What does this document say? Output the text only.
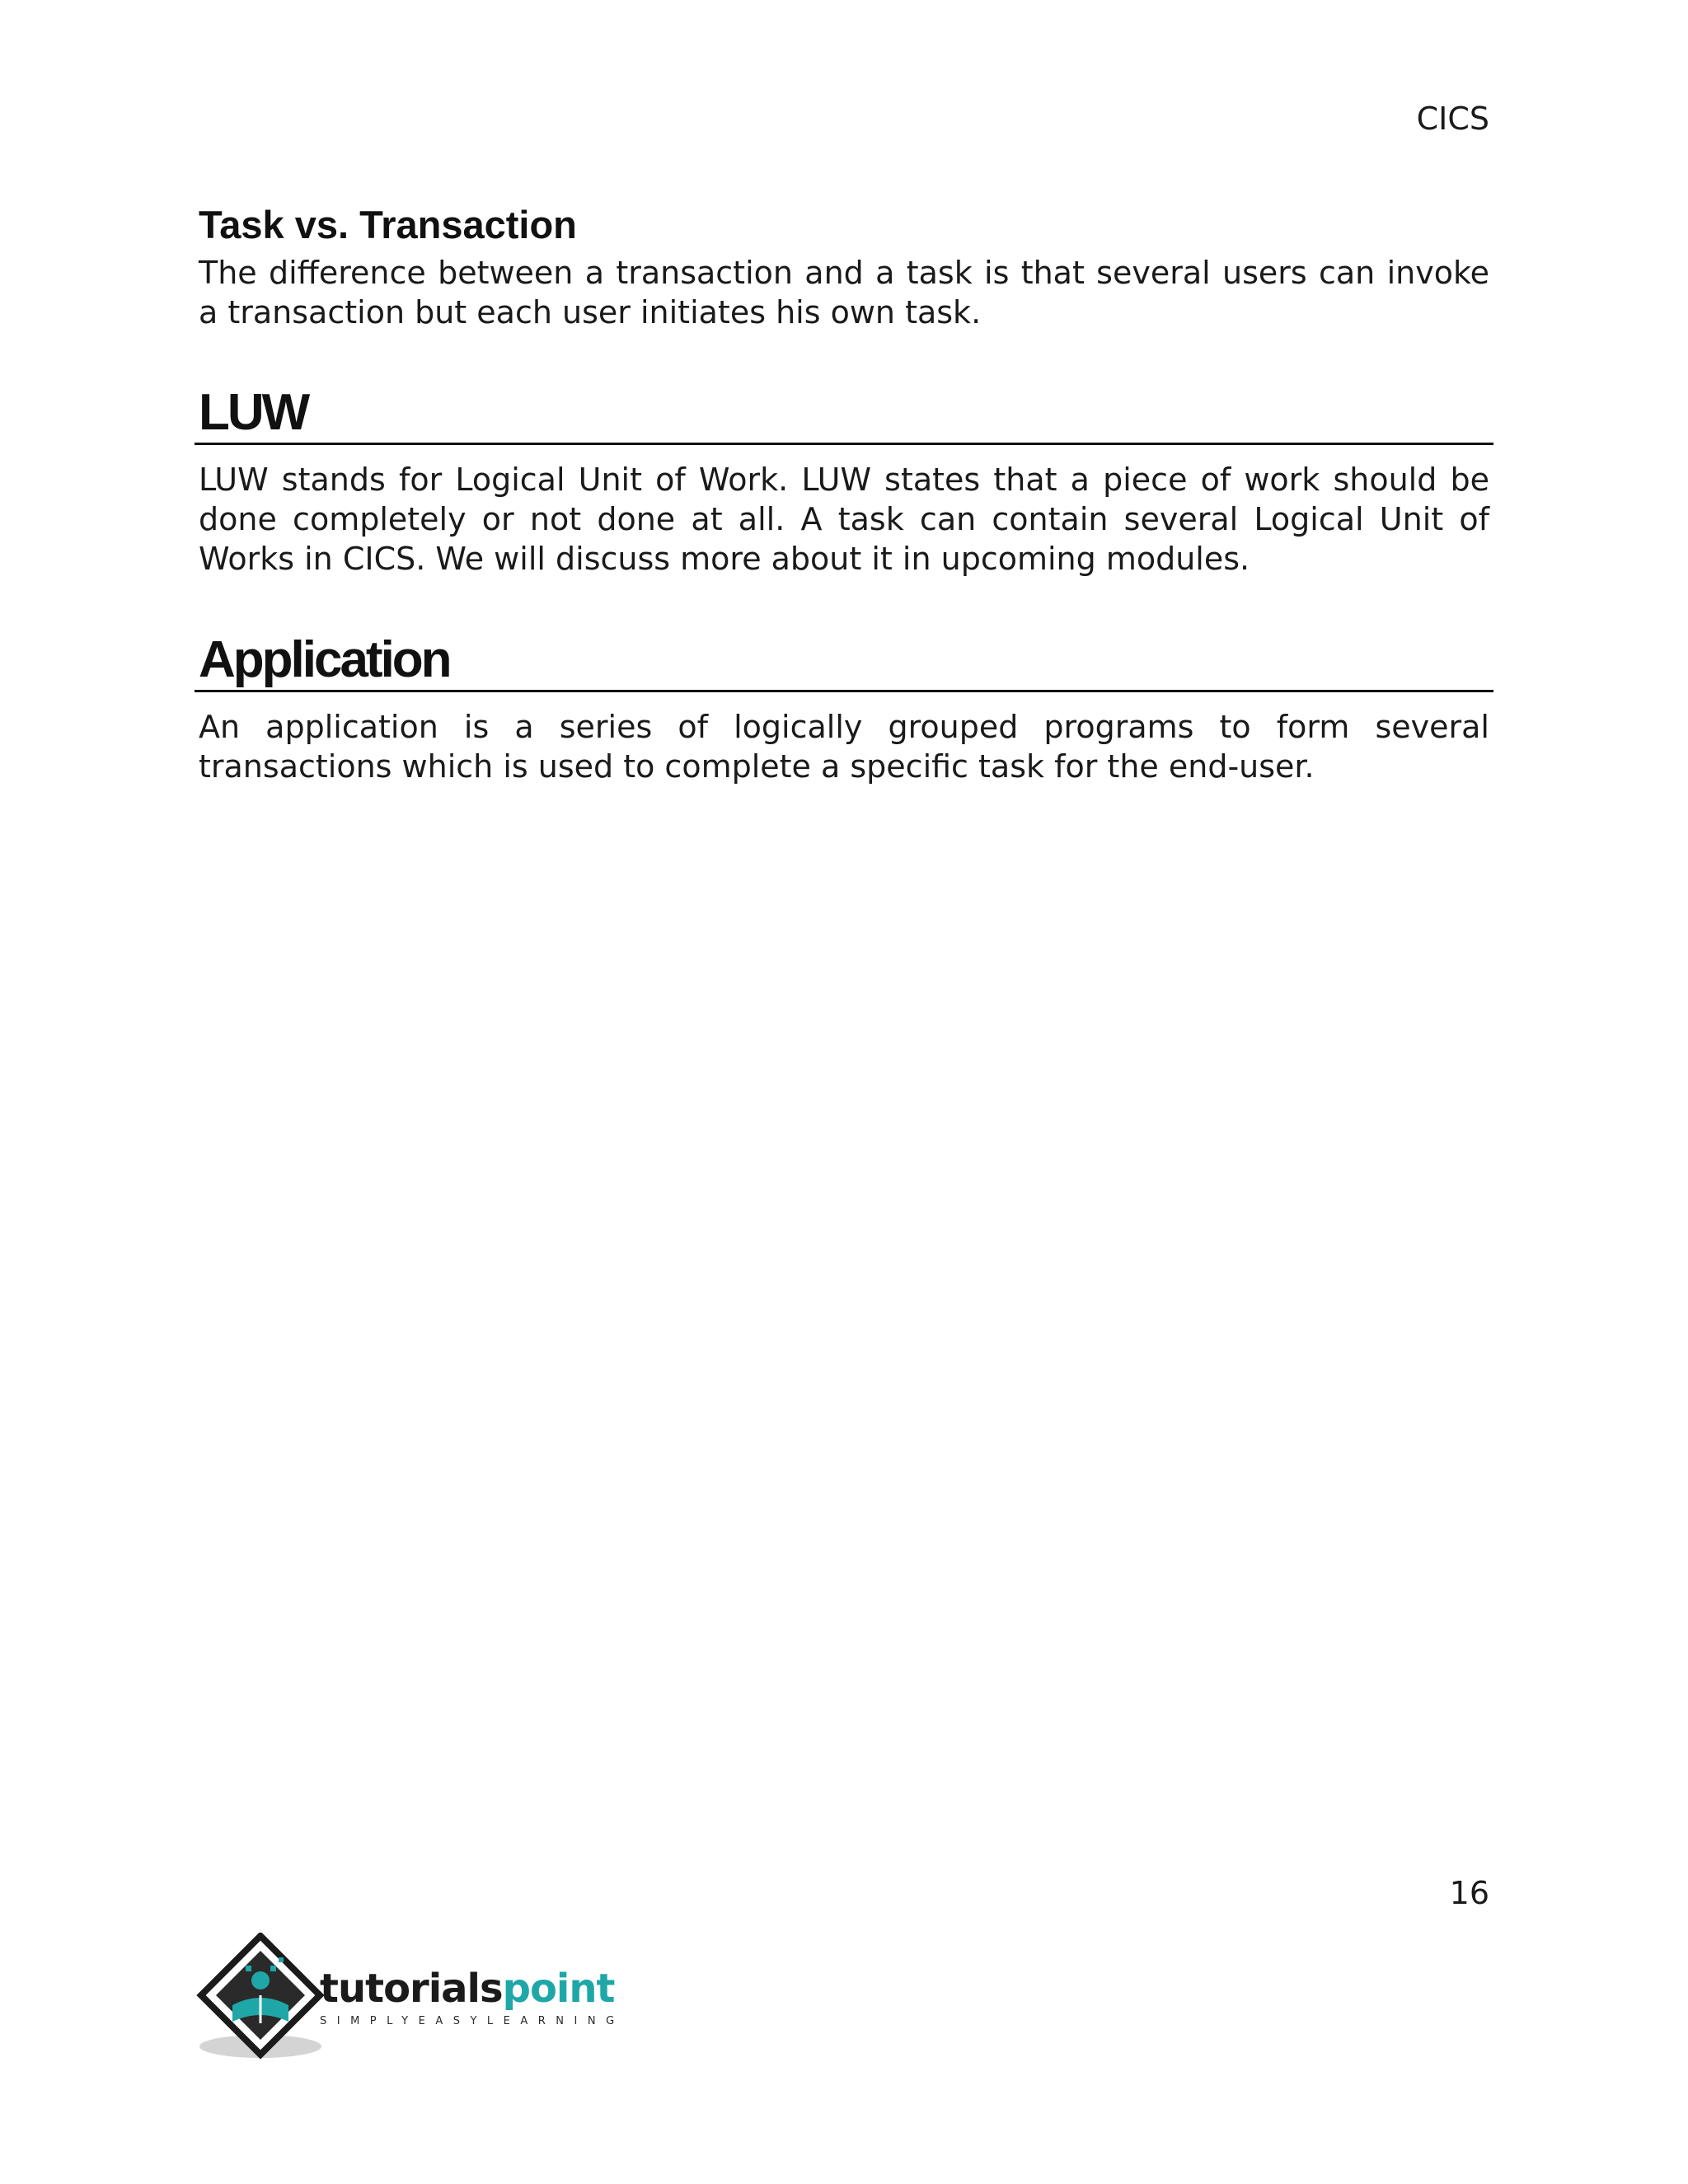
CICS
Task vs. Transaction

The difference between a transaction and a task is that several users can invoke a transaction but each user initiates his own task.

LUW

LUW stands for Logical Unit of Work. LUW states that a piece of work should be done completely or not done at all. A task can contain several Logical Unit of Works in CICS. We will discuss more about it in upcoming modules.

Application

An application is a series of logically grouped programs to form several transactions which is used to complete a specific task for the end-user.

16
tutorialspoint
SIMPLYEASYLEARNING
